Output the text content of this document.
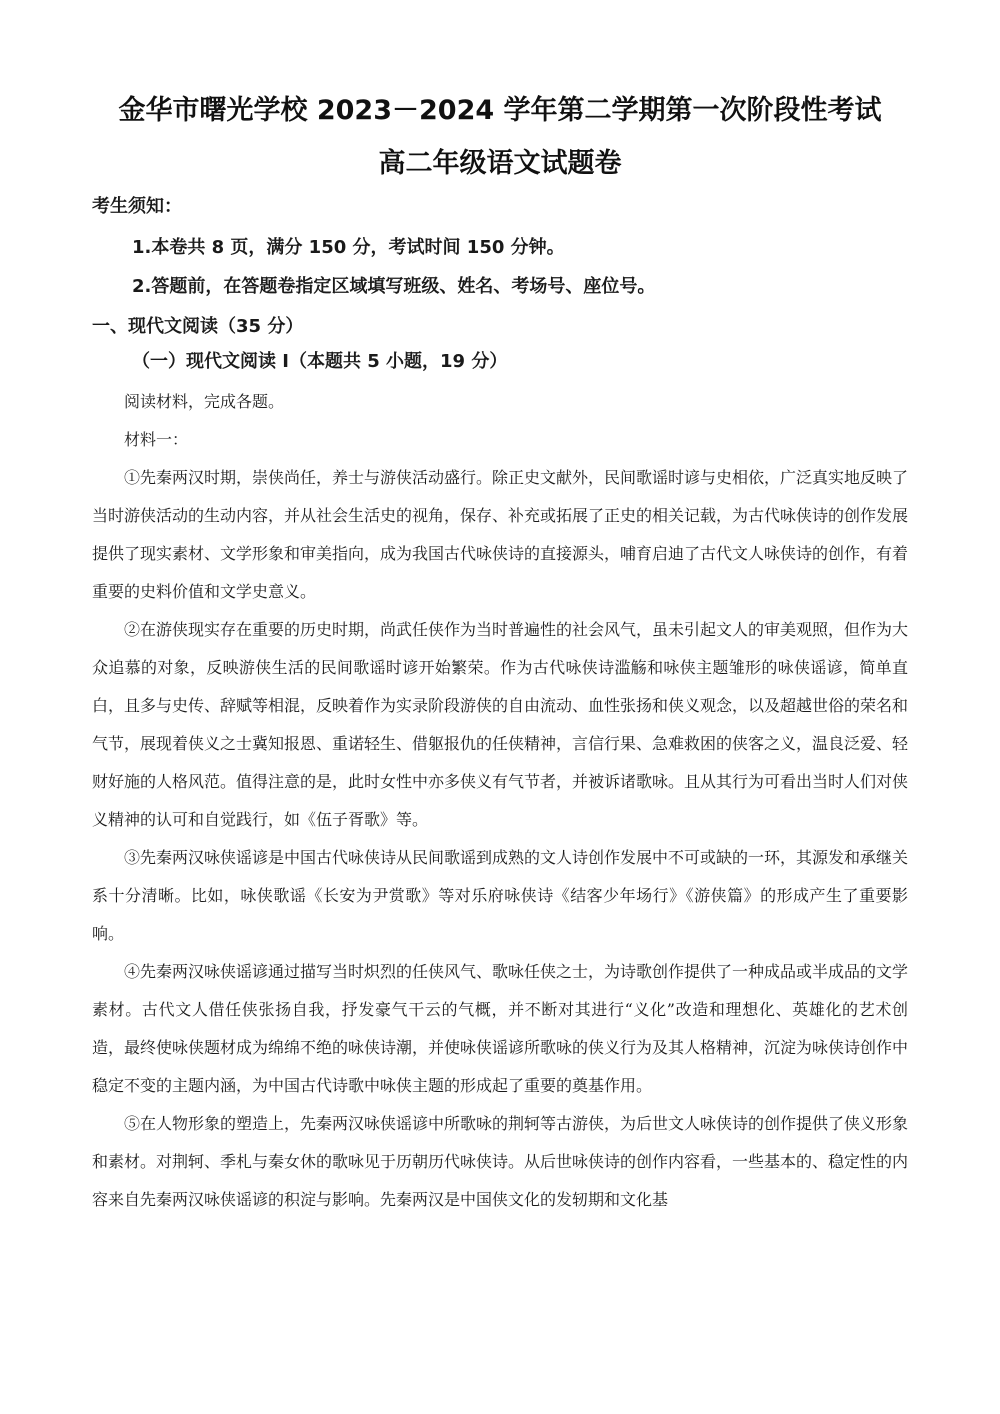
金华市曙光学校 2023－2024 学年第二学期第一次阶段性考试
高二年级语文试题卷
考生须知：
1.本卷共 8 页，满分 150 分，考试时间 150 分钟。
2.答题前，在答题卷指定区域填写班级、姓名、考场号、座位号。
一、现代文阅读（35 分）
（一）现代文阅读 I（本题共 5 小题，19 分）

阅读材料，完成各题。

材料一：

①先秦两汉时期，崇侠尚任，养士与游侠活动盛行。除正史文献外，民间歌谣时谚与史相依，广泛真实地反映了当时游侠活动的生动内容，并从社会生活史的视角，保存、补充或拓展了正史的相关记载，为古代咏侠诗的创作发展提供了现实素材、文学形象和审美指向，成为我国古代咏侠诗的直接源头，哺育启迪了古代文人咏侠诗的创作，有着重要的史料价值和文学史意义。

②在游侠现实存在重要的历史时期，尚武任侠作为当时普遍性的社会风气，虽未引起文人的审美观照，但作为大众追慕的对象，反映游侠生活的民间歌谣时谚开始繁荣。作为古代咏侠诗滥觞和咏侠主题雏形的咏侠谣谚，简单直白，且多与史传、辞赋等相混，反映着作为实录阶段游侠的自由流动、血性张扬和侠义观念，以及超越世俗的荣名和气节，展现着侠义之士冀知报恩、重诺轻生、借躯报仇的任侠精神，言信行果、急难救困的侠客之义，温良泛爱、轻财好施的人格风范。值得注意的是，此时女性中亦多侠义有气节者，并被诉诸歌咏。且从其行为可看出当时人们对侠义精神的认可和自觉践行，如《伍子胥歌》等。

③先秦两汉咏侠谣谚是中国古代咏侠诗从民间歌谣到成熟的文人诗创作发展中不可或缺的一环，其源发和承继关系十分清晰。比如，咏侠歌谣《长安为尹赏歌》等对乐府咏侠诗《结客少年场行》《游侠篇》的形成产生了重要影响。

④先秦两汉咏侠谣谚通过描写当时炽烈的任侠风气、歌咏任侠之士，为诗歌创作提供了一种成品或半成品的文学素材。古代文人借任侠张扬自我，抒发豪气干云的气概，并不断对其进行“义化”改造和理想化、英雄化的艺术创造，最终使咏侠题材成为绵绵不绝的咏侠诗潮，并使咏侠谣谚所歌咏的侠义行为及其人格精神，沉淀为咏侠诗创作中稳定不变的主题内涵，为中国古代诗歌中咏侠主题的形成起了重要的奠基作用。

⑤在人物形象的塑造上，先秦两汉咏侠谣谚中所歌咏的荆轲等古游侠，为后世文人咏侠诗的创作提供了侠义形象和素材。对荆轲、季札与秦女休的歌咏见于历朝历代咏侠诗。从后世咏侠诗的创作内容看，一些基本的、稳定性的内容来自先秦两汉咏侠谣谚的积淀与影响。先秦两汉是中国侠文化的发轫期和文化基
